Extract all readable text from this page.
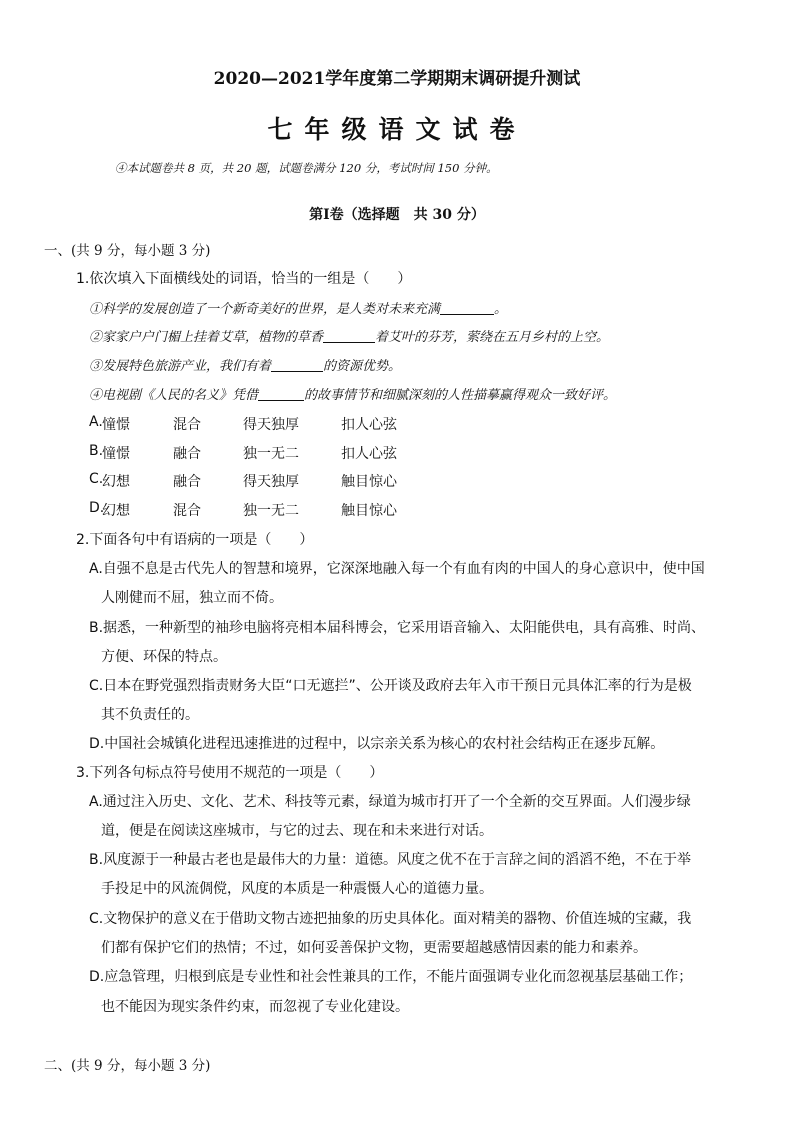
2020—2021学年度第二学期期末调研提升测试
七年级语文试卷
④本试题卷共 8 页，共 20 题，试题卷满分 120 分，考试时间 150 分钟。
第Ⅰ卷（选择题　共 30 分）
一、(共 9 分，每小题 3 分)
1.依次填入下面横线处的词语，恰当的一组是（　　）
①科学的发展创造了一个新奇美好的世界，是人类对未来充满	。
②家家户户门楣上挂着艾草，植物的草香	着艾叶的芬芳，萦绕在五月乡村的上空。
③发展特色旅游产业，我们有着	的资源优势。
④电视剧《人民的名义》凭借	的故事情节和细腻深刻的人性描摹赢得观众一致好评。
A. 憧憬	混合	得天独厚	扣人心弦
B.
憧憬	融合	独一无二	扣人心弦
C.
幻想	融合	得天独厚	触目惊心
D.
幻想	混合	独一无二	触目惊心
2.下面各句中有语病的一项是（　　）
A.自强不息是古代先人的智慧和境界，它深深地融入每一个有血有肉的中国人的身心意识中，使中国
人刚健而不屈，独立而不倚。
B.据悉，一种新型的袖珍电脑将亮相本届科博会，它采用语音输入、太阳能供电，具有高雅、时尚、
方便、环保的特点。
C.日本在野党强烈指责财务大臣“口无遮拦”、公开谈及政府去年入市干预日元具体汇率的行为是极
其不负责任的。
D.中国社会城镇化进程迅速推进的过程中，以宗亲关系为核心的农村社会结构正在逐步瓦解。
3.下列各句标点符号使用不规范的一项是（　　）
A.通过注入历史、文化、艺术、科技等元素，绿道为城市打开了一个全新的交互界面。人们漫步绿
道，便是在阅读这座城市，与它的过去、现在和未来进行对话。
B.风度源于一种最古老也是最伟大的力量：道德。风度之优不在于言辞之间的滔滔不绝，不在于举
手投足中的风流倜傥，风度的本质是一种震慑人心的道德力量。
C.文物保护的意义在于借助文物古迹把抽象的历史具体化。面对精美的器物、价值连城的宝藏，我
们都有保护它们的热情；不过，如何妥善保护文物，更需要超越感情因素的能力和素养。
D.应急管理，归根到底是专业性和社会性兼具的工作，不能片面强调专业化而忽视基层基础工作；
也不能因为现实条件约束，而忽视了专业化建设。
二、(共 9 分，每小题 3 分)
